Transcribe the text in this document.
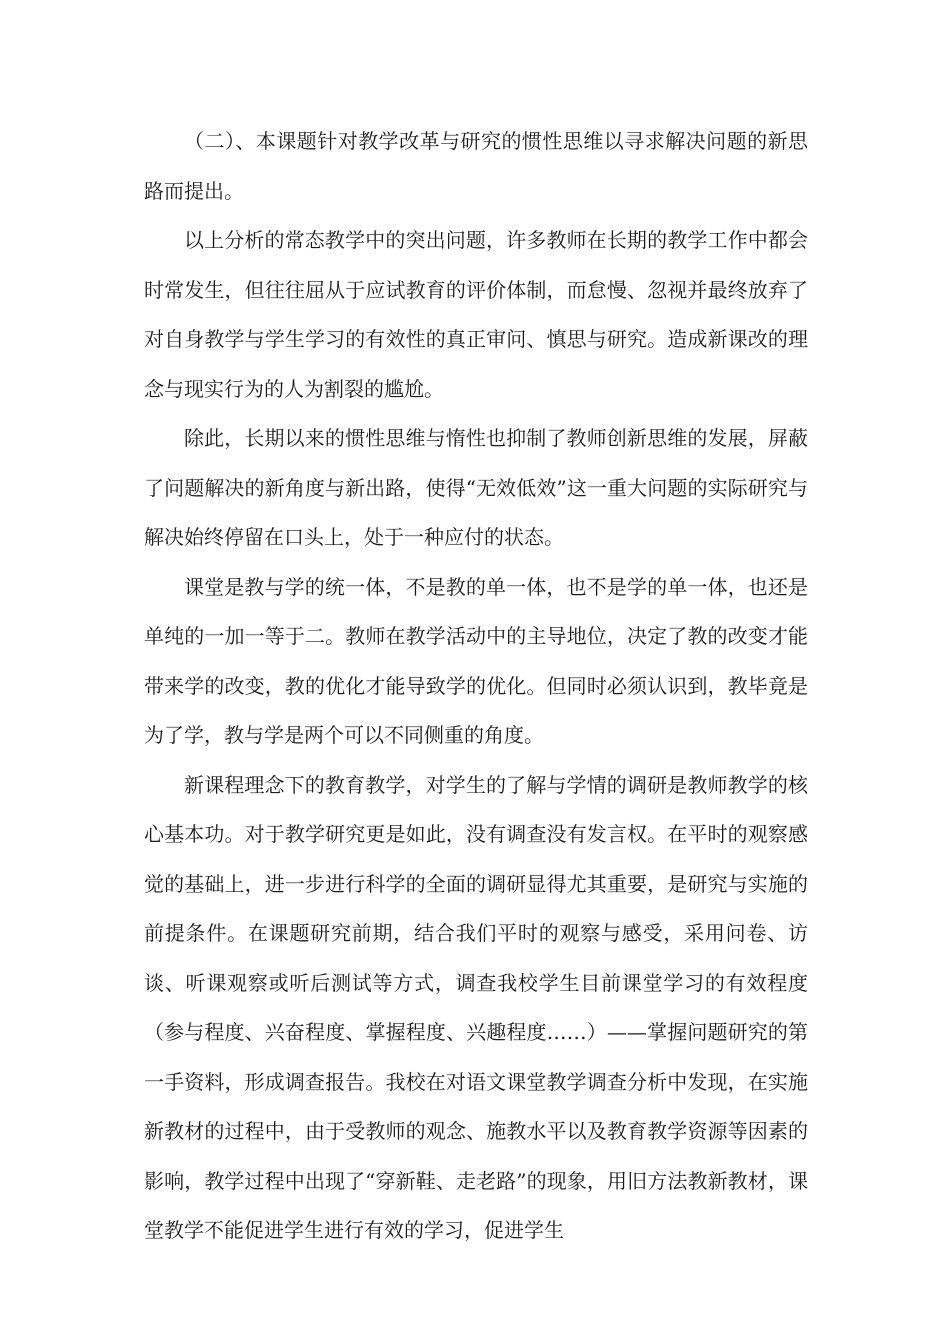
（二）、本课题针对教学改革与研究的惯性思维以寻求解决问题的新思路而提出。

以上分析的常态教学中的突出问题，许多教师在长期的教学工作中都会时常发生，但往往屈从于应试教育的评价体制，而怠慢、忽视并最终放弃了对自身教学与学生学习的有效性的真正审问、慎思与研究。造成新课改的理念与现实行为的人为割裂的尴尬。

除此，长期以来的惯性思维与惰性也抑制了教师创新思维的发展，屏蔽了问题解决的新角度与新出路，使得“无效低效”这一重大问题的实际研究与解决始终停留在口头上，处于一种应付的状态。

课堂是教与学的统一体，不是教的单一体，也不是学的单一体，也还是单纯的一加一等于二。教师在教学活动中的主导地位，决定了教的改变才能带来学的改变，教的优化才能导致学的优化。但同时必须认识到，教毕竟是为了学，教与学是两个可以不同侧重的角度。

新课程理念下的教育教学，对学生的了解与学情的调研是教师教学的核心基本功。对于教学研究更是如此，没有调查没有发言权。在平时的观察感觉的基础上，进一步进行科学的全面的调研显得尤其重要，是研究与实施的前提条件。在课题研究前期，结合我们平时的观察与感受，采用问卷、访谈、听课观察或听后测试等方式，调查我校学生目前课堂学习的有效程度（参与程度、兴奋程度、掌握程度、兴趣程度……）——掌握问题研究的第一手资料，形成调查报告。我校在对语文课堂教学调查分析中发现，在实施新教材的过程中，由于受教师的观念、施教水平以及教育教学资源等因素的影响，教学过程中出现了“穿新鞋、走老路”的现象，用旧方法教新教材，课堂教学不能促进学生进行有效的学习，促进学生
